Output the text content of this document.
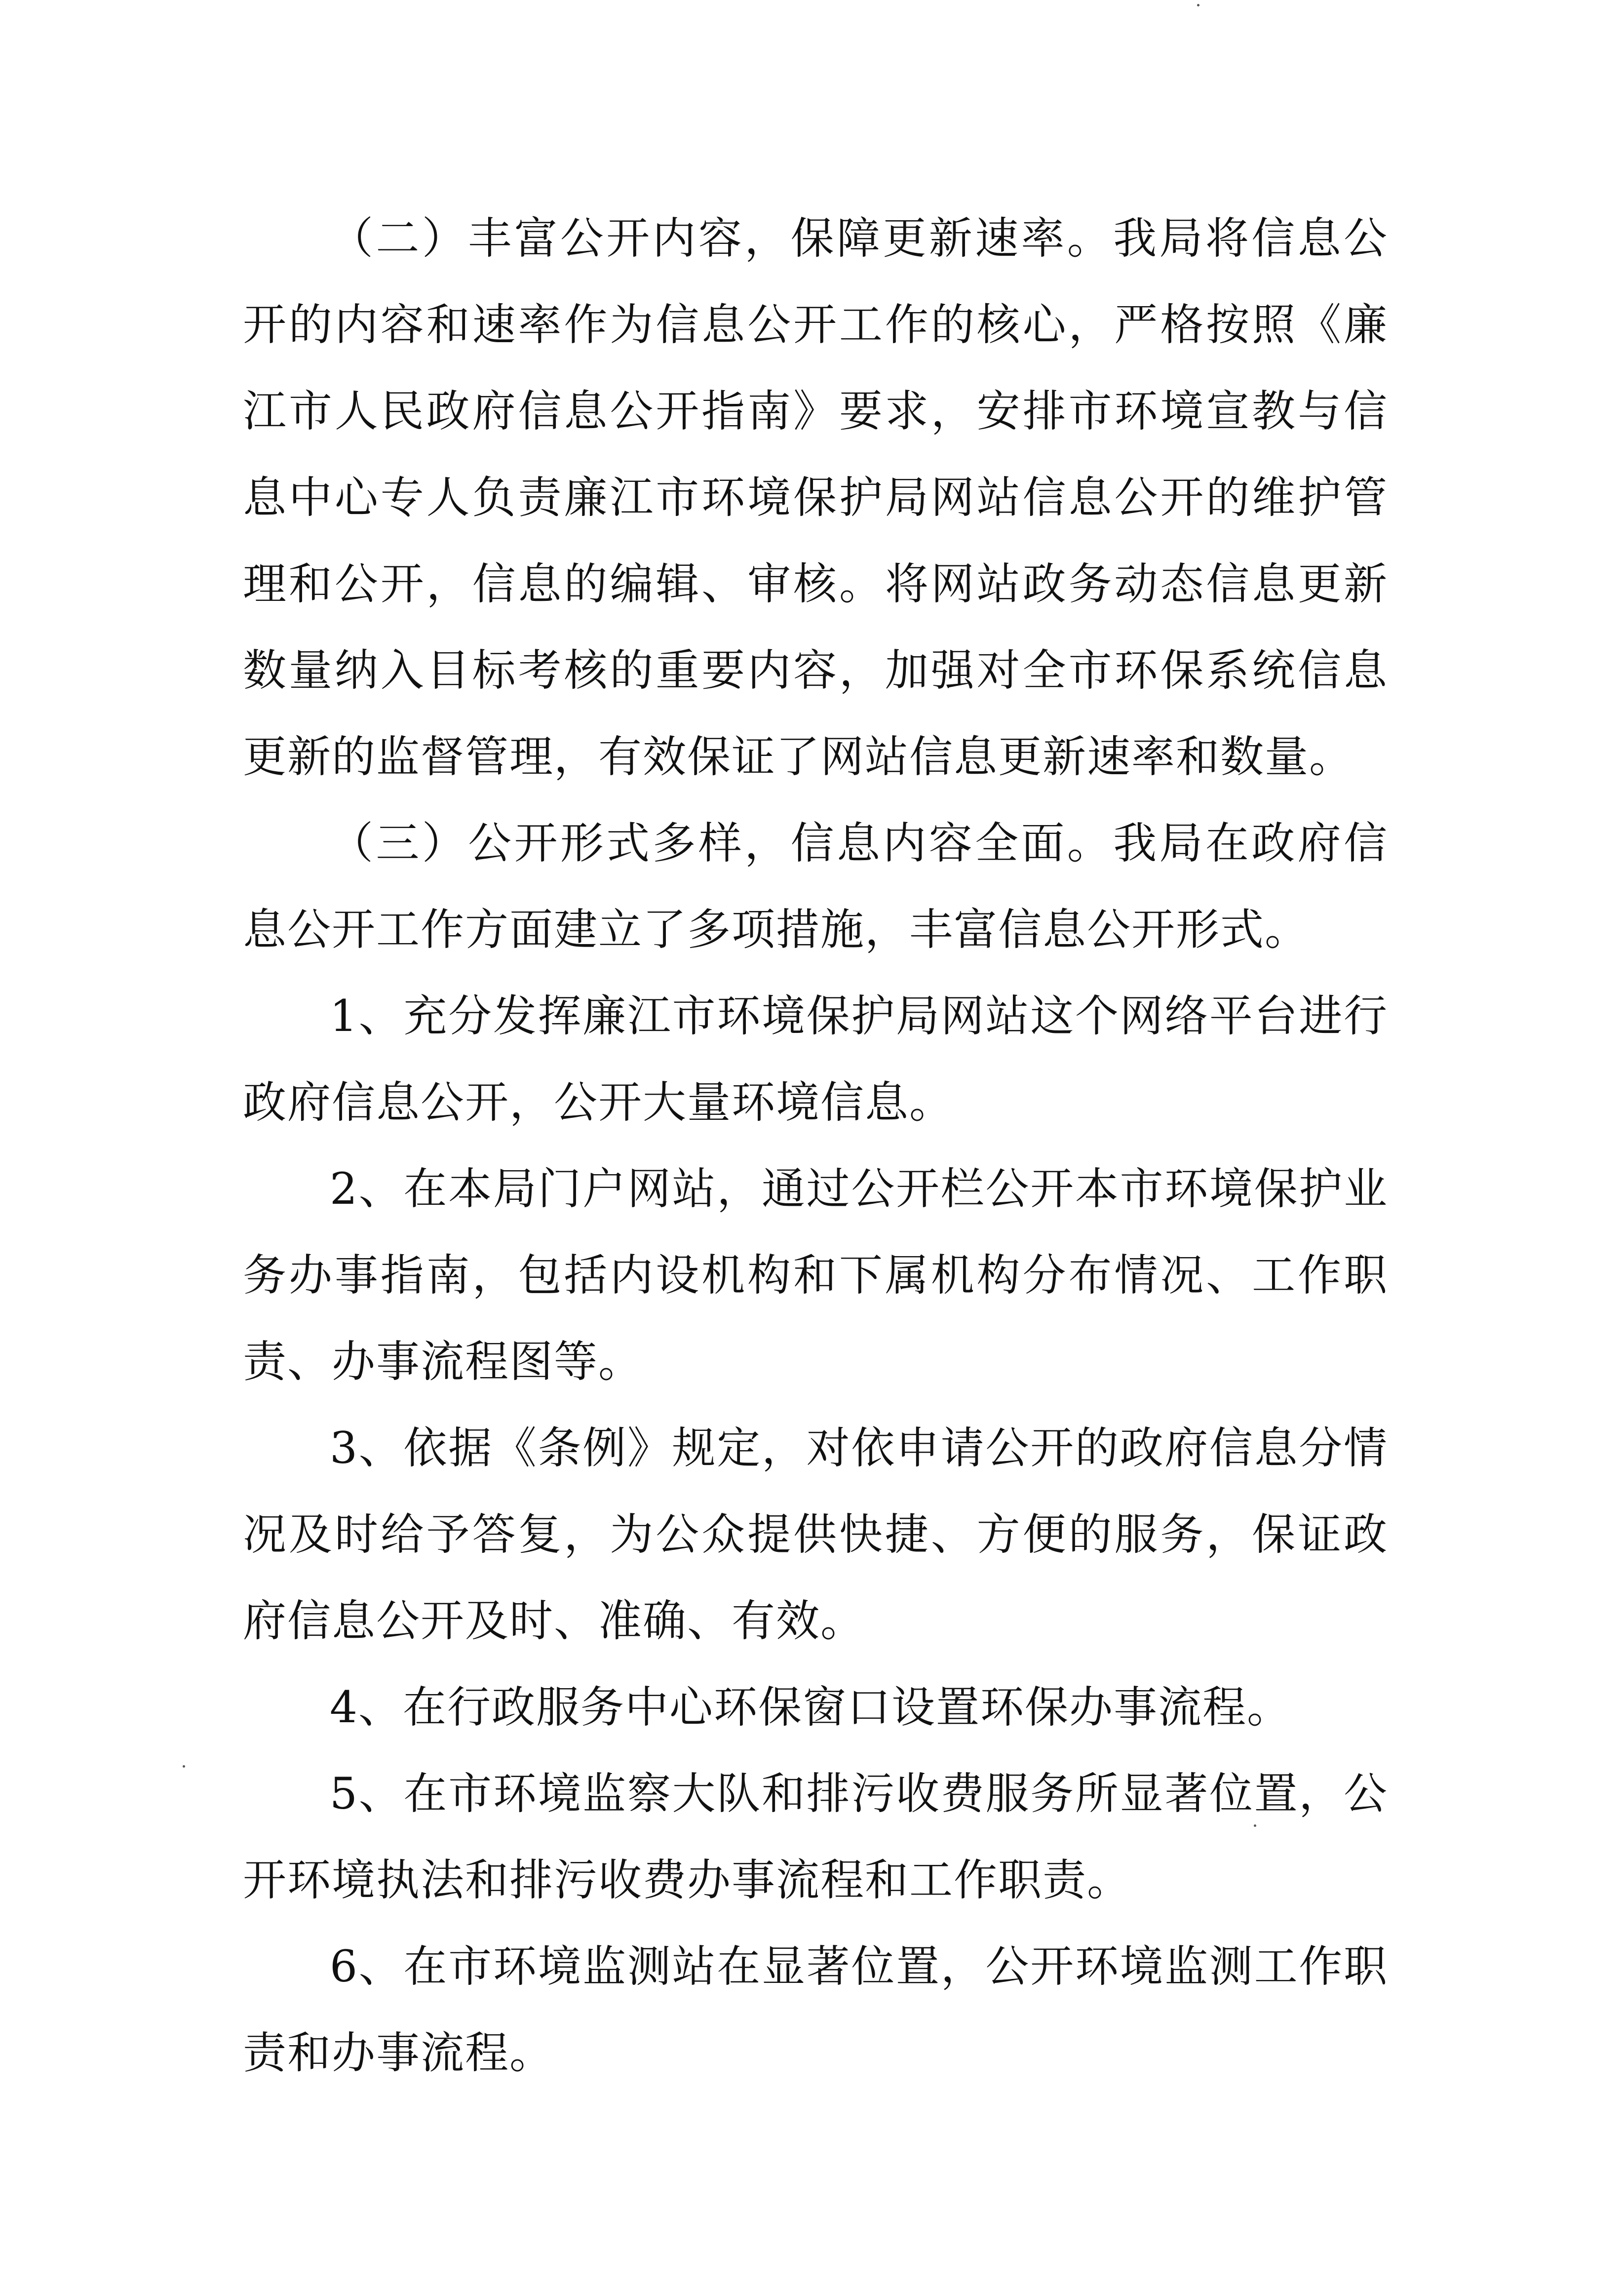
（二）丰富公开内容，保障更新速率。我局将信息公开的内容和速率作为信息公开工作的核心，严格按照《廉江市人民政府信息公开指南》要求，安排市环境宣教与信息中心专人负责廉江市环境保护局网站信息公开的维护管理和公开，信息的编辑、审核。将网站政务动态信息更新数量纳入目标考核的重要内容，加强对全市环保系统信息更新的监督管理，有效保证了网站信息更新速率和数量。

（三）公开形式多样，信息内容全面。我局在政府信息公开工作方面建立了多项措施，丰富信息公开形式。

1、充分发挥廉江市环境保护局网站这个网络平台进行政府信息公开，公开大量环境信息。

2、在本局门户网站，通过公开栏公开本市环境保护业务办事指南，包括内设机构和下属机构分布情况、工作职责、办事流程图等。

3、依据《条例》规定，对依申请公开的政府信息分情况及时给予答复，为公众提供快捷、方便的服务，保证政府信息公开及时、准确、有效。

4、在行政服务中心环保窗口设置环保办事流程。

5、在市环境监察大队和排污收费服务所显著位置，公开环境执法和排污收费办事流程和工作职责。

6、在市环境监测站在显著位置，公开环境监测工作职责和办事流程。
